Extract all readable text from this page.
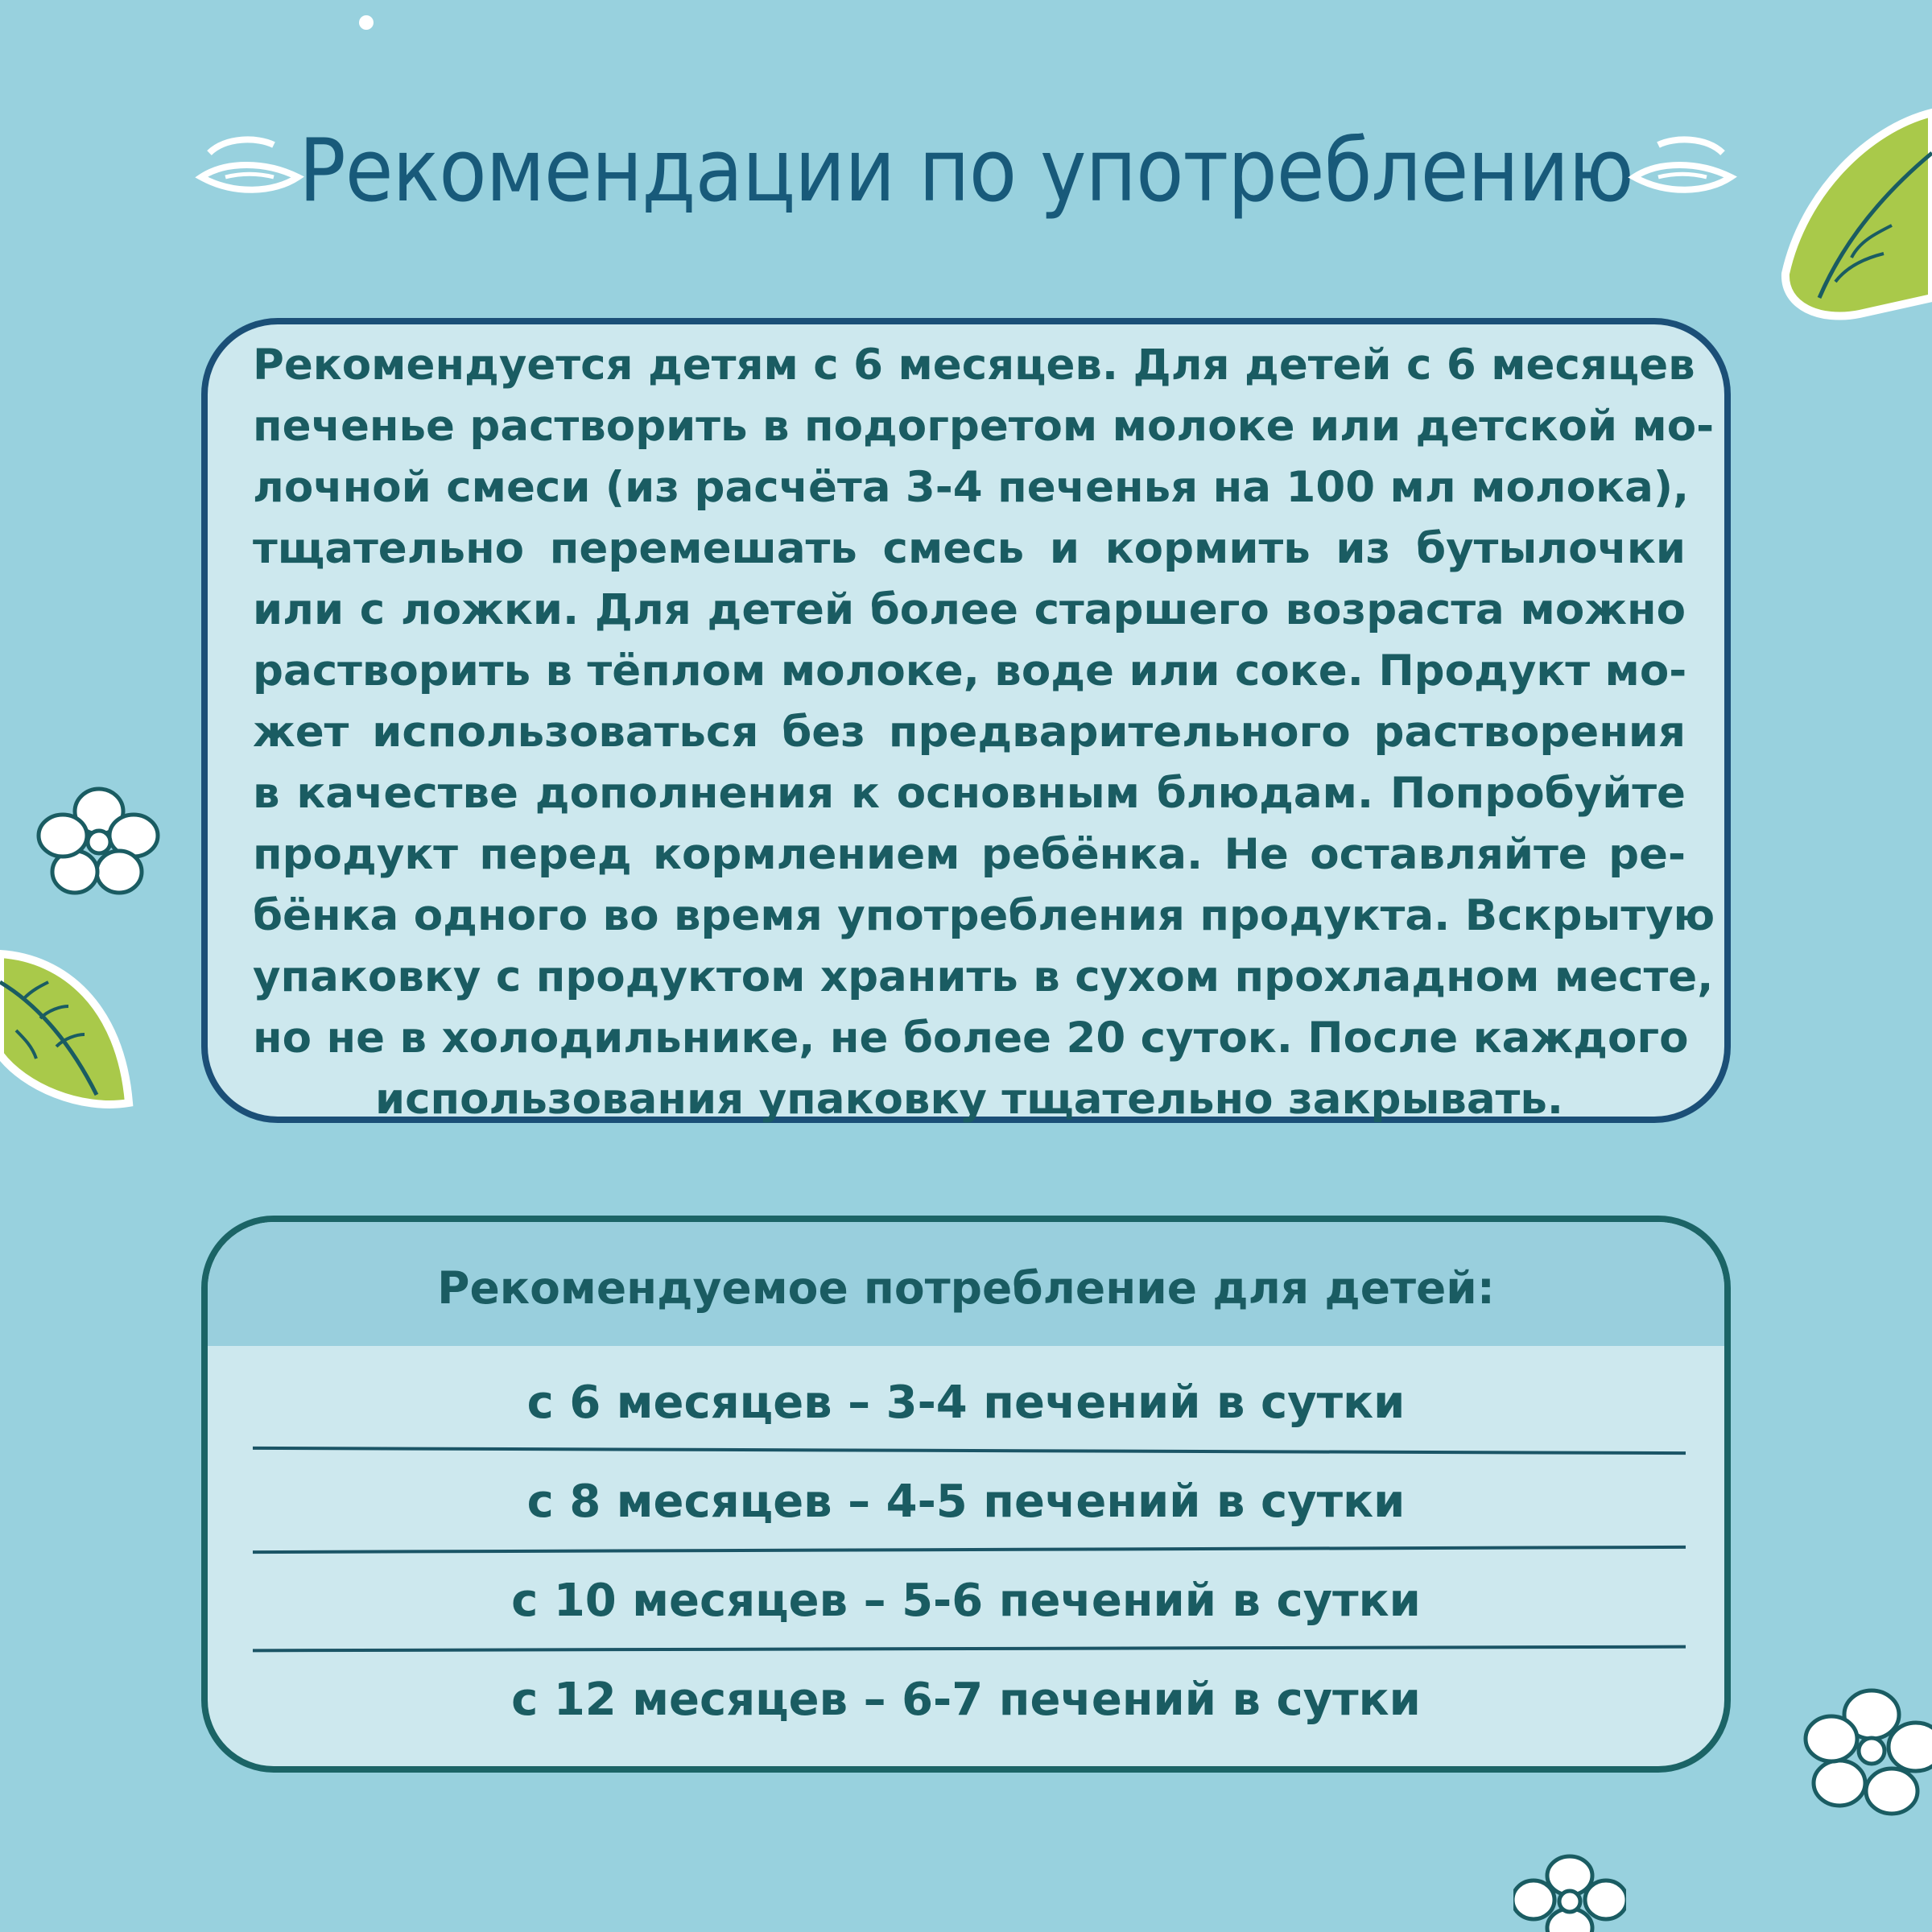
Рекомендации по употреблению
Рекомендуется детям с 6 месяцев. Для детей с 6 месяцев
печенье растворить в подогретом молоке или детской мо-
лочной смеси (из расчёта 3-4 печенья на 100 мл молока),
тщательно перемешать смесь и кормить из бутылочки
или с ложки. Для детей более старшего возраста можно
растворить в тёплом молоке, воде или соке. Продукт мо-
жет использоваться без предварительного растворения
в качестве дополнения к основным блюдам. Попробуйте
продукт перед кормлением ребёнка. Не оставляйте ре-
бёнка одного во время употребления продукта. Вскрытую
упаковку с продуктом хранить в сухом прохладном месте,
но не в холодильнике, не более 20 суток. После каждого
использования упаковку тщательно закрывать.
Рекомендуемое потребление для детей:
с 6 месяцев – 3-4 печений в сутки
с 8 месяцев – 4-5 печений в сутки
с 10 месяцев – 5-6 печений в сутки
с 12 месяцев – 6-7 печений в сутки
